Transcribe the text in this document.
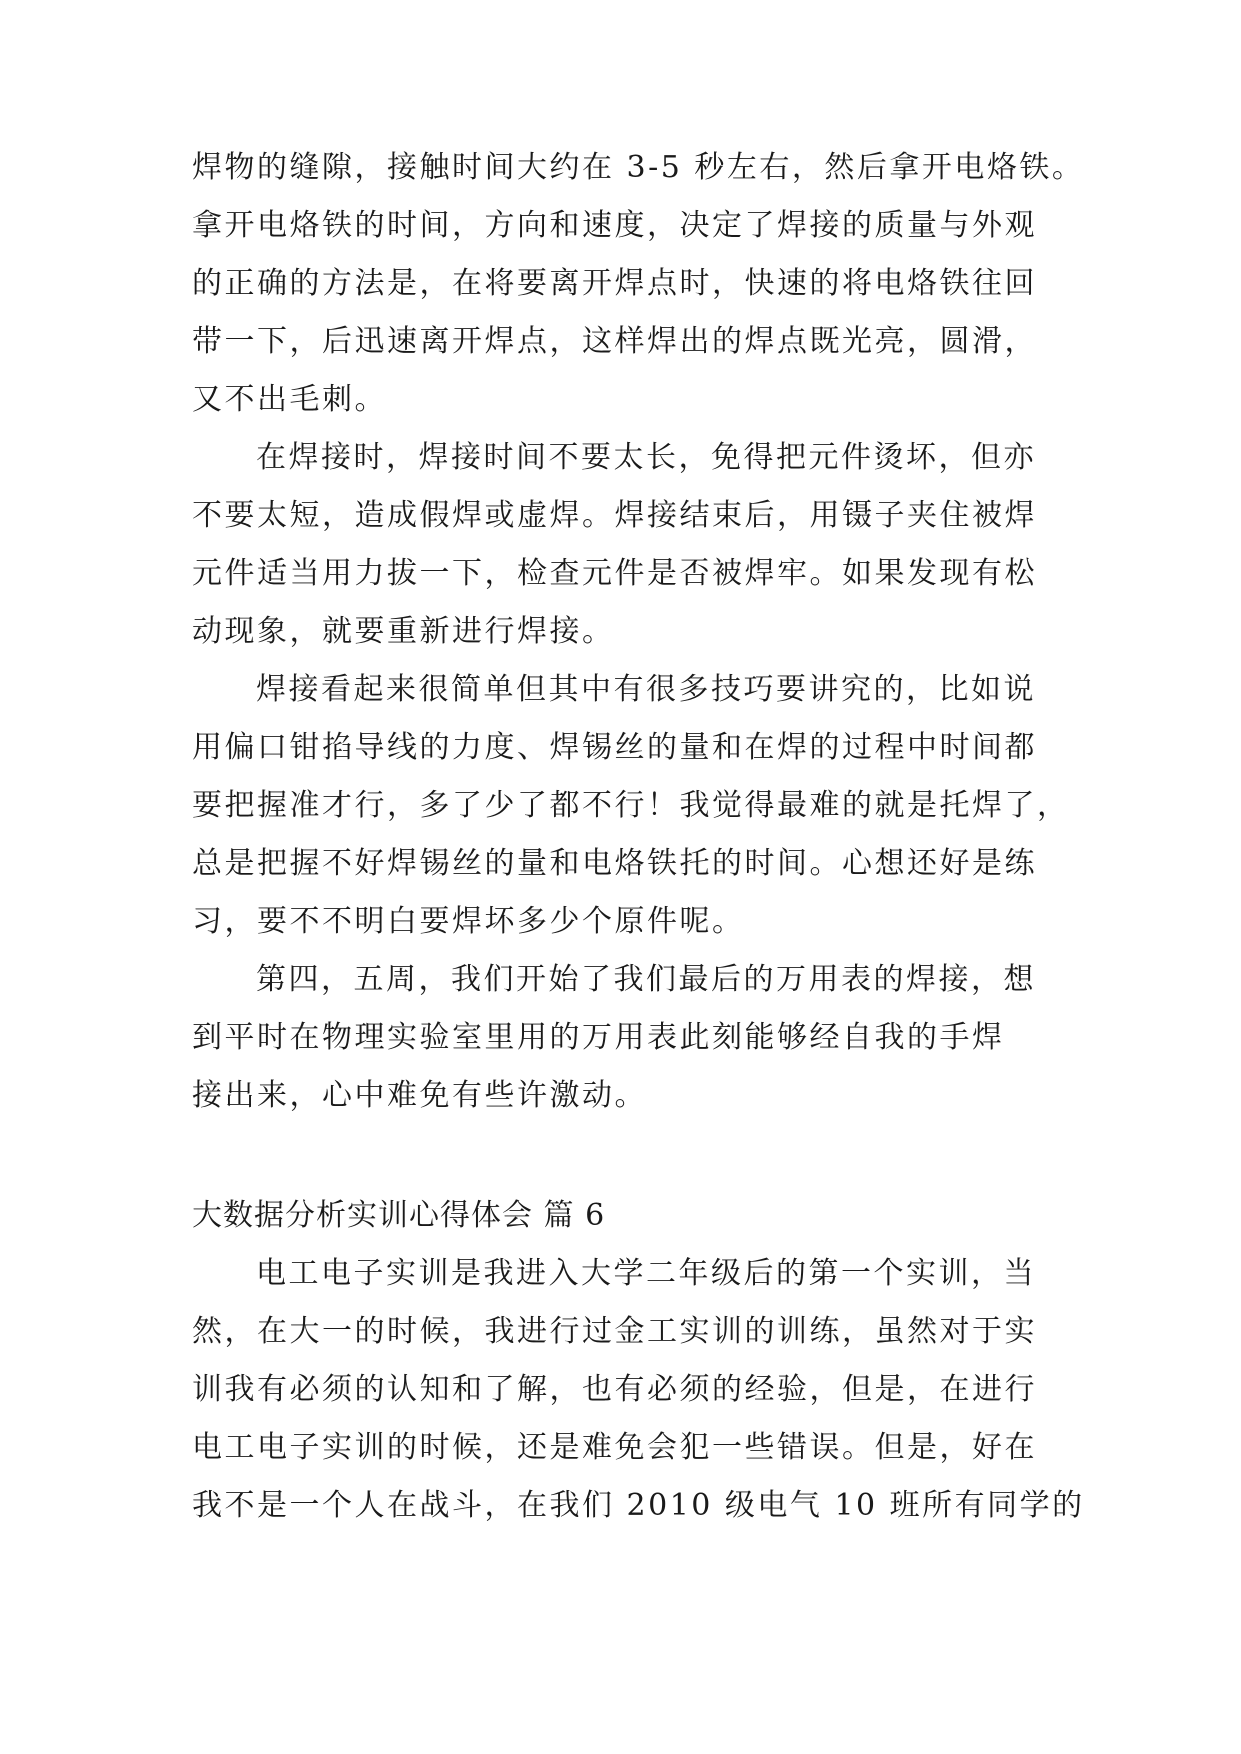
焊物的缝隙，接触时间大约在 3-5 秒左右，然后拿开电烙铁。
拿开电烙铁的时间，方向和速度，决定了焊接的质量与外观
的正确的方法是，在将要离开焊点时，快速的将电烙铁往回
带一下，后迅速离开焊点，这样焊出的焊点既光亮，圆滑，
又不出毛刺。
在焊接时，焊接时间不要太长，免得把元件烫坏，但亦
不要太短，造成假焊或虚焊。焊接结束后，用镊子夹住被焊
元件适当用力拔一下，检查元件是否被焊牢。如果发现有松
动现象，就要重新进行焊接。
焊接看起来很简单但其中有很多技巧要讲究的，比如说
用偏口钳掐导线的力度、焊锡丝的量和在焊的过程中时间都
要把握准才行，多了少了都不行！我觉得最难的就是托焊了，
总是把握不好焊锡丝的量和电烙铁托的时间。心想还好是练
习，要不不明白要焊坏多少个原件呢。
第四，五周，我们开始了我们最后的万用表的焊接，想
到平时在物理实验室里用的万用表此刻能够经自我的手焊
接出来，心中难免有些许激动。
大数据分析实训心得体会 篇 6
电工电子实训是我进入大学二年级后的第一个实训，当
然，在大一的时候，我进行过金工实训的训练，虽然对于实
训我有必须的认知和了解，也有必须的经验，但是，在进行
电工电子实训的时候，还是难免会犯一些错误。但是，好在
我不是一个人在战斗，在我们 2010 级电气 10 班所有同学的
